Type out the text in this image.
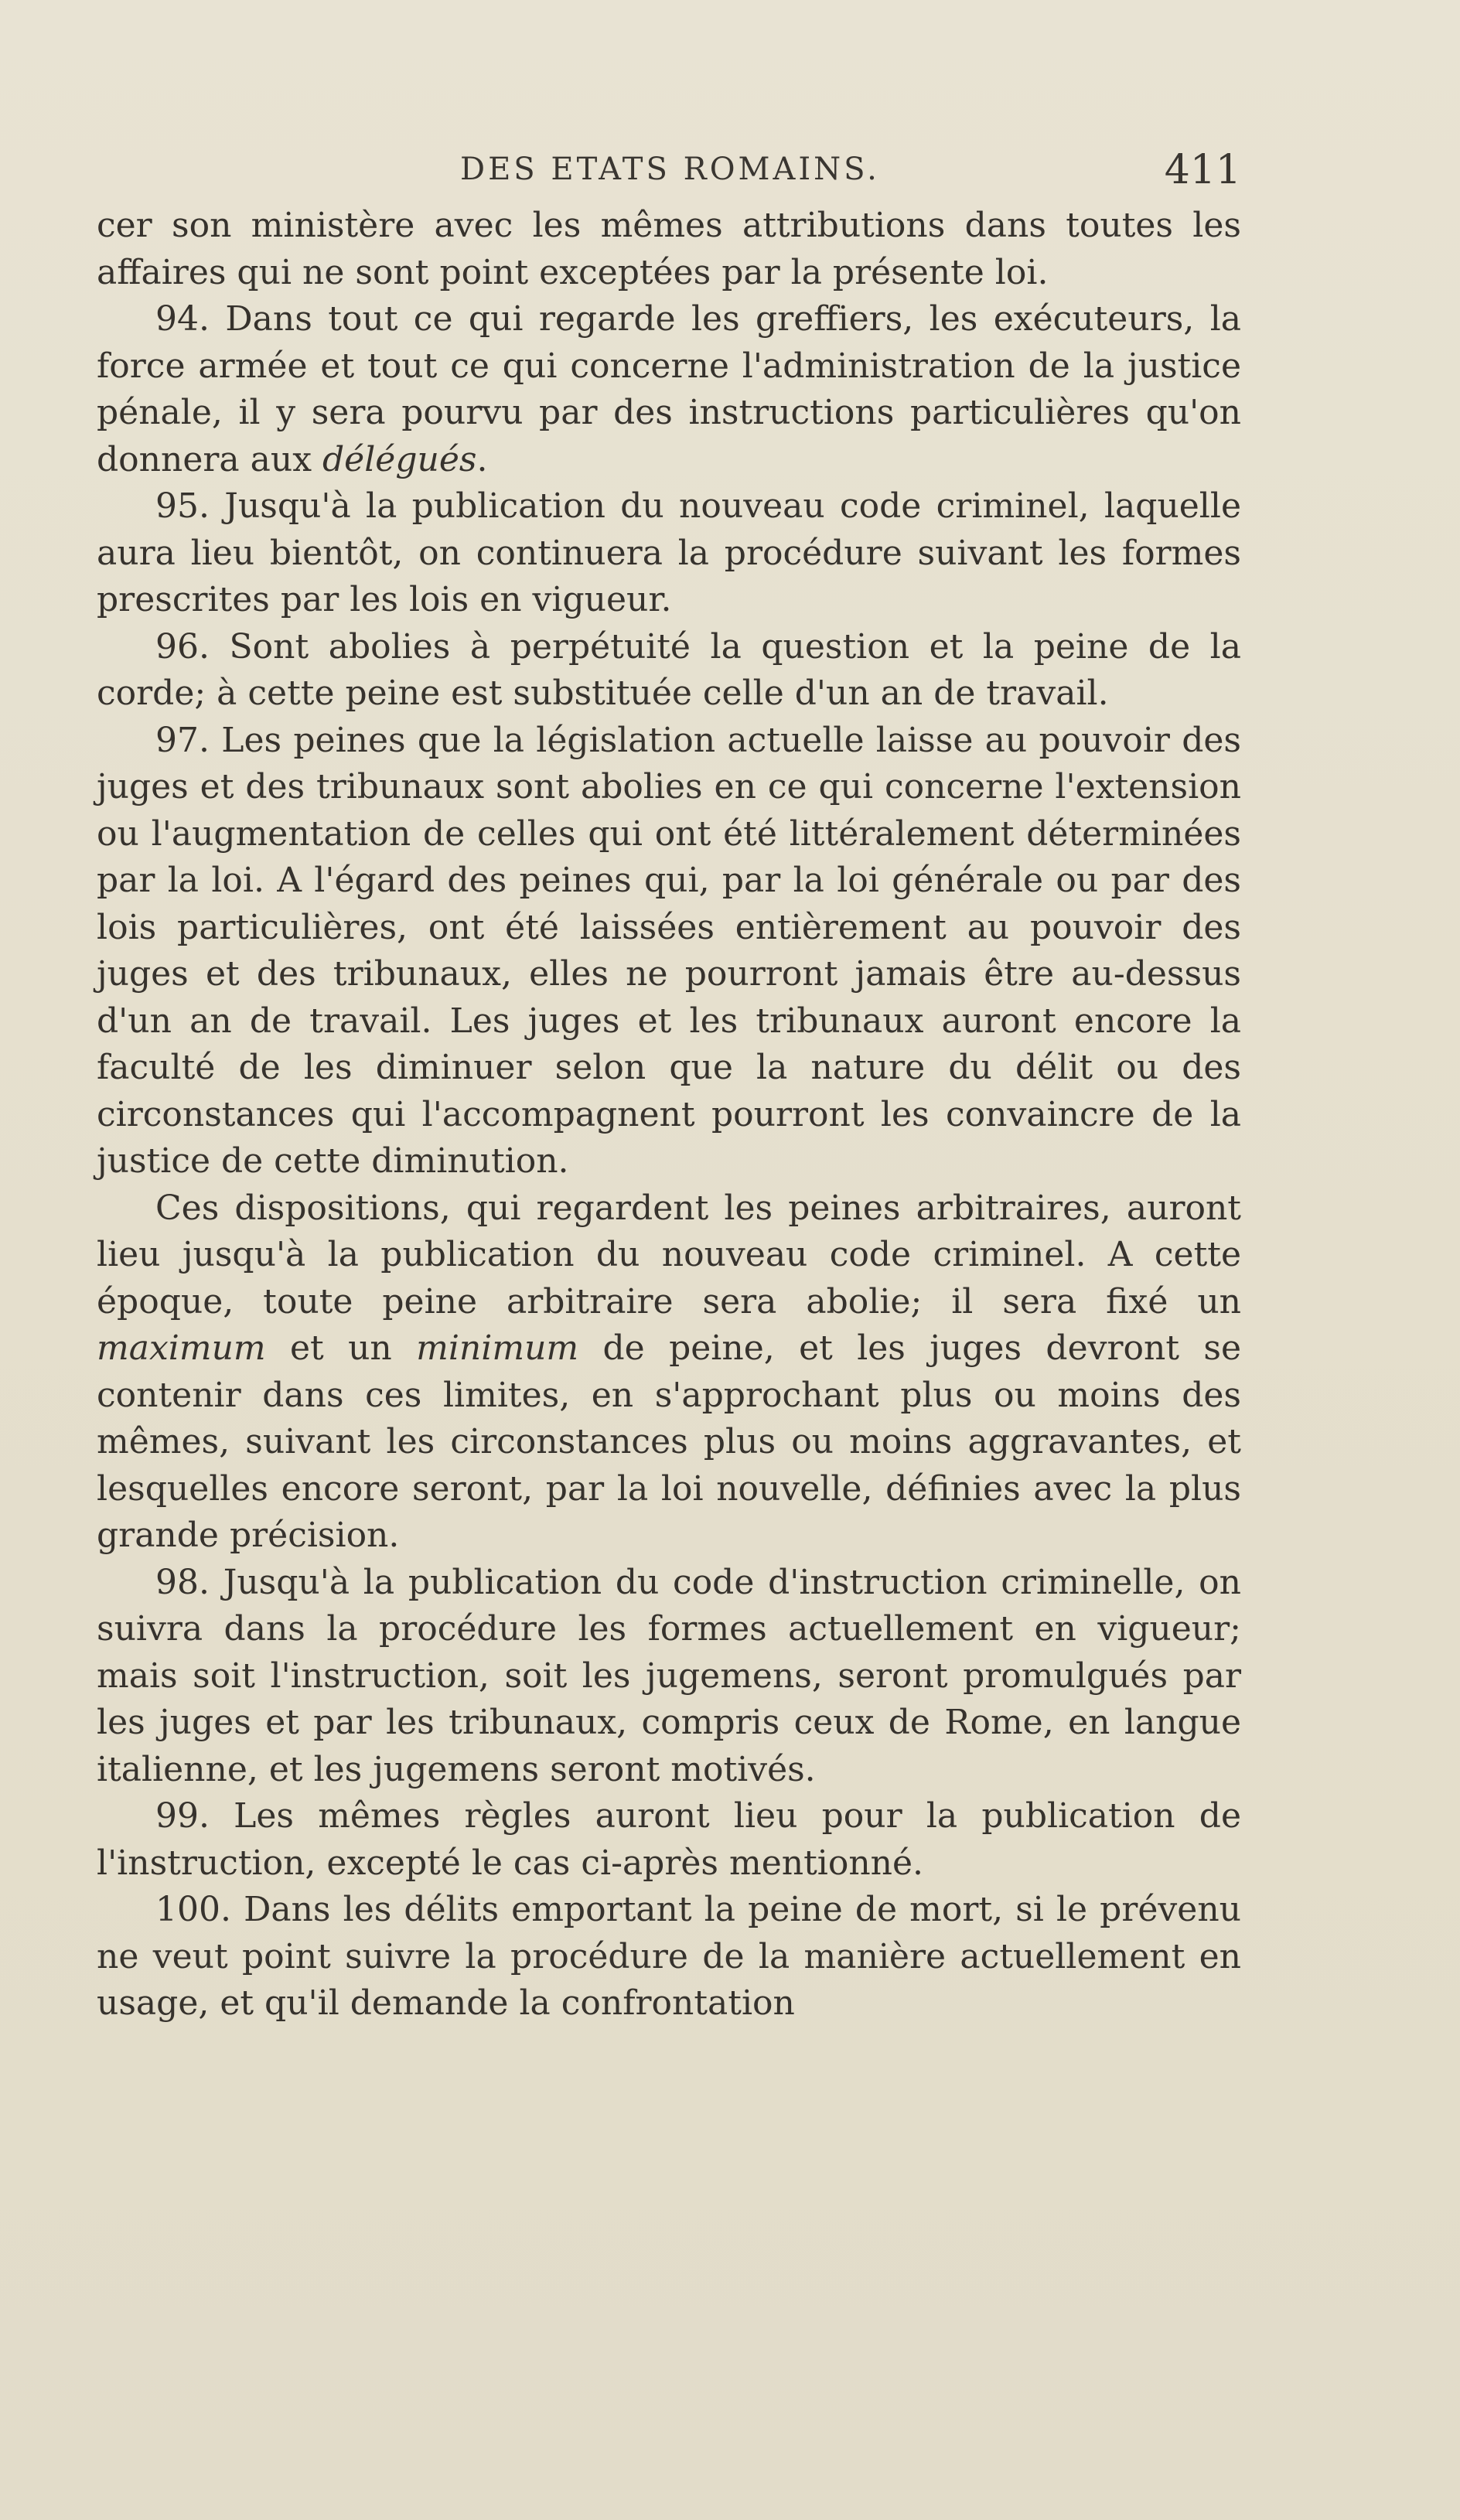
DES ETATS ROMAINS.	411

cer son ministère avec les mêmes attributions dans toutes les affaires qui ne sont point exceptées par la présente loi.

94. Dans tout ce qui regarde les greffiers, les exécuteurs, la force armée et tout ce qui concerne l'administration de la justice pénale, il y sera pourvu par des instructions particulières qu'on donnera aux délégués.

95. Jusqu'à la publication du nouveau code criminel, laquelle aura lieu bientôt, on continuera la procédure suivant les formes prescrites par les lois en vigueur.

96. Sont abolies à perpétuité la question et la peine de la corde; à cette peine est substituée celle d'un an de travail.

97. Les peines que la législation actuelle laisse au pouvoir des juges et des tribunaux sont abolies en ce qui concerne l'extension ou l'augmentation de celles qui ont été littéralement déterminées par la loi. A l'égard des peines qui, par la loi générale ou par des lois particulières, ont été laissées entièrement au pouvoir des juges et des tribunaux, elles ne pourront jamais être au-dessus d'un an de travail. Les juges et les tribunaux auront encore la faculté de les diminuer selon que la nature du délit ou des circonstances qui l'accompagnent pourront les convaincre de la justice de cette diminution.

Ces dispositions, qui regardent les peines arbitraires, auront lieu jusqu'à la publication du nouveau code criminel. A cette époque, toute peine arbitraire sera abolie; il sera fixé un maximum et un minimum de peine, et les juges devront se contenir dans ces limites, en s'approchant plus ou moins des mêmes, suivant les circonstances plus ou moins aggravantes, et lesquelles encore seront, par la loi nouvelle, définies avec la plus grande précision.

98. Jusqu'à la publication du code d'instruction criminelle, on suivra dans la procédure les formes actuellement en vigueur; mais soit l'instruction, soit les jugemens, seront promulgués par les juges et par les tribunaux, compris ceux de Rome, en langue italienne, et les jugemens seront motivés.

99. Les mêmes règles auront lieu pour la publication de l'instruction, excepté le cas ci-après mentionné.

100. Dans les délits emportant la peine de mort, si le prévenu ne veut point suivre la procédure de la manière actuellement en usage, et qu'il demande la confrontation
